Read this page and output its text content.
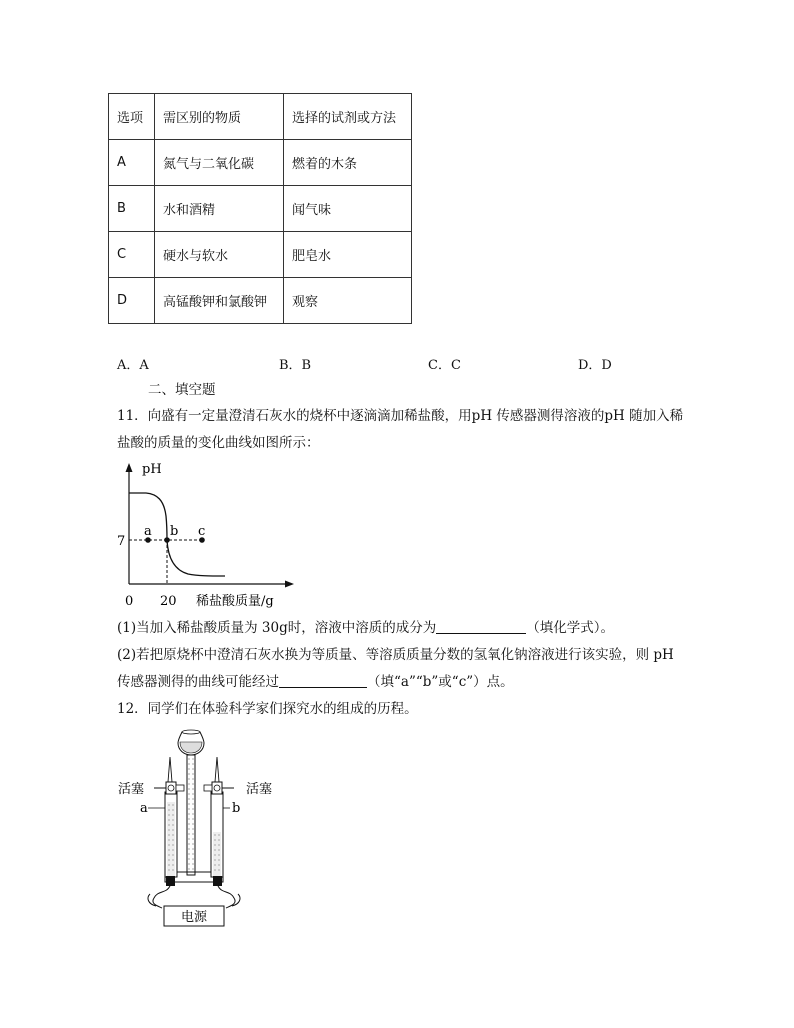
选项	需区别的物质	选择的试剂或方法
A	氮气与二氧化碳	燃着的木条
B	水和酒精	闻气味
C	硬水与软水	肥皂水
D	高锰酸钾和氯酸钾	观察
A．A	B．B	C．C	D．D
二、填空题
11．向盛有一定量澄清石灰水的烧杯中逐滴滴加稀盐酸，用pH 传感器测得溶液的pH 随加入稀
盐酸的质量的变化曲线如图所示：
a b c
pH
7
0 20 稀盐酸质量/g
(1)当加入稀盐酸质量为 30g时，溶液中溶质的成分为	（填化学式）。
(2)若把原烧杯中澄清石灰水换为等质量、等溶质质量分数的氢氧化钠溶液进行该实验，则 pH
传感器测得的曲线可能经过	（填“a”“b”或“c”）点。
12．同学们在体验科学家们探究水的组成的历程。
电源
活塞	活塞
a	b
